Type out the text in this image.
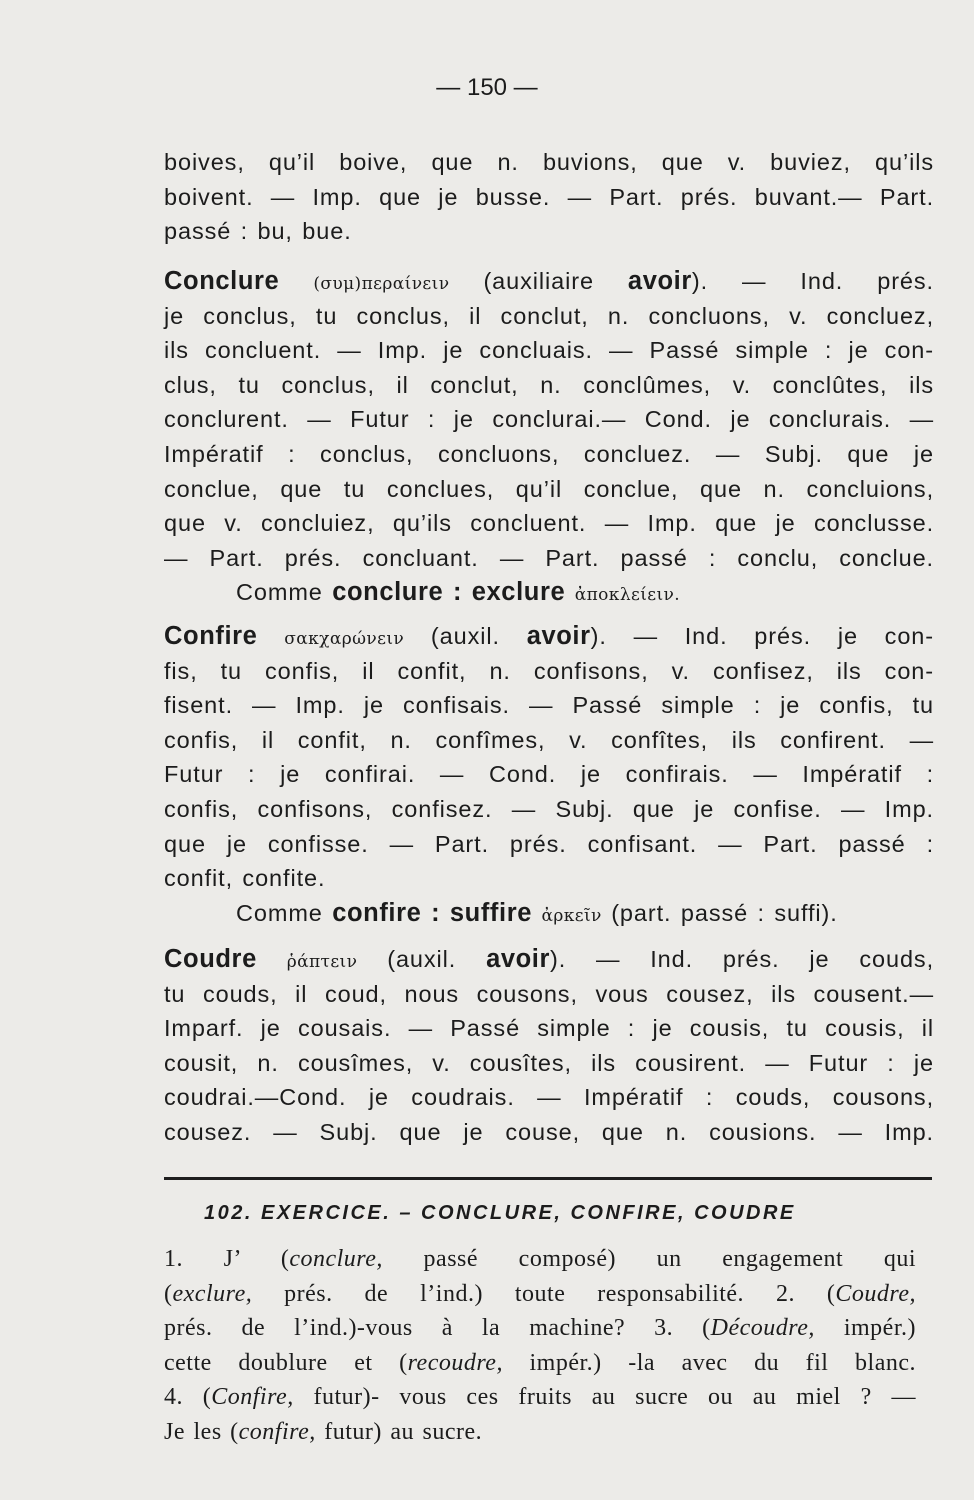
— 150 —
boives, qu’il boive, que n. buvions, que v. buviez, qu’ils
boivent. — Imp. que je busse. — Part. prés. buvant.— Part.
passé : bu, bue.
Conclure (συμ)περαίνειν (auxiliaire avoir). — Ind. prés.
je conclus, tu conclus, il conclut, n. concluons, v. concluez,
ils concluent. — Imp. je concluais. — Passé simple : je con-
clus, tu conclus, il conclut, n. conclûmes, v. conclûtes, ils
conclurent. — Futur : je conclurai.— Cond. je conclurais. —
Impératif : conclus, concluons, concluez. — Subj. que je
conclue, que tu conclues, qu’il conclue, que n. concluions,
que v. concluiez, qu’ils concluent. — Imp. que je conclusse.
— Part. prés. concluant. — Part. passé : conclu, conclue.
Comme conclure : exclure ἀποκλείειν.
Confire σακχαρώνειν (auxil. avoir). — Ind. prés. je con-
fis, tu confis, il confit, n. confisons, v. confisez, ils con-
fisent. — Imp. je confisais. — Passé simple : je confis, tu
confis, il confit, n. confîmes, v. confîtes, ils confirent. —
Futur : je confirai. — Cond. je confirais. — Impératif :
confis, confisons, confisez. — Subj. que je confise. — Imp.
que je confisse. — Part. prés. confisant. — Part. passé :
confit, confite.
Comme confire : suffire ἀρκεῖν (part. passé : suffi).
Coudre ῥάπτειν (auxil. avoir). — Ind. prés. je couds,
tu couds, il coud, nous cousons, vous cousez, ils cousent.—
Imparf. je cousais. — Passé simple : je cousis, tu cousis, il
cousit, n. cousîmes, v. cousîtes, ils cousirent. — Futur : je
coudrai.—Cond. je coudrais. — Impératif : couds, cousons,
cousez. — Subj. que je couse, que n. cousions. — Imp.
102. EXERCICE. – CONCLURE, CONFIRE, COUDRE
1. J’ (conclure, passé composé) un engagement qui
(exclure, prés. de l’ind.) toute responsabilité. 2. (Coudre,
prés. de l’ind.)-vous à la machine? 3. (Découdre, impér.)
cette doublure et (recoudre, impér.) -la avec du fil blanc.
4. (Confire, futur)- vous ces fruits au sucre ou au miel ? —
Je les (confire, futur) au sucre.
